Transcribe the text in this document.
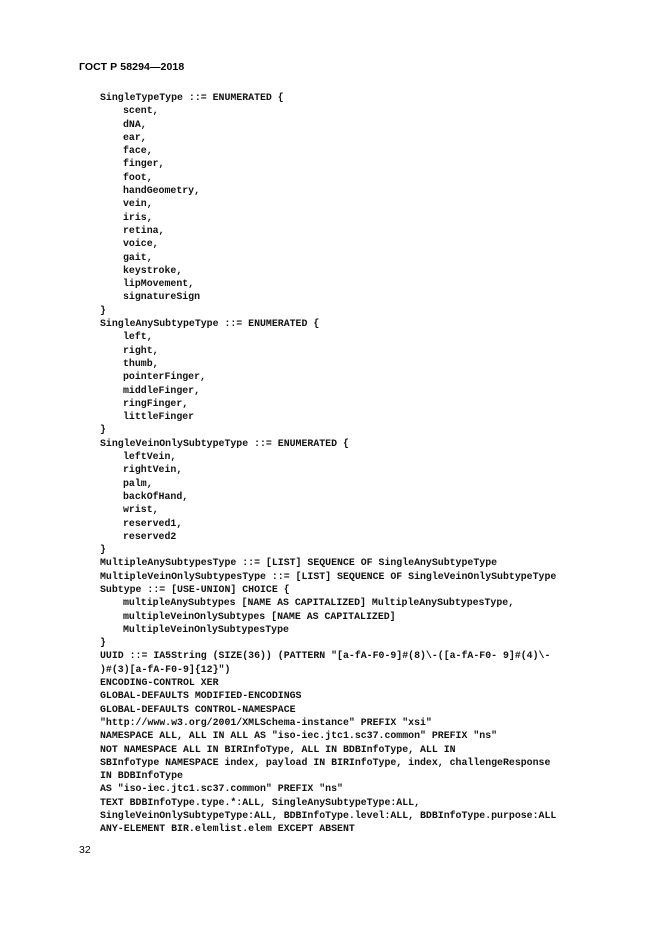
ГОСТ Р 58294—2018
SingleTypeType ::= ENUMERATED {
scent,
dNA,
ear,
face,
finger,
foot,
handGeometry,
vein,
iris,
retina,
voice,
gait,
keystroke,
lipMovement,
signatureSign
}
SingleAnySubtypeType ::= ENUMERATED {
left,
right,
thumb,
pointerFinger,
middleFinger,
ringFinger,
littleFinger
}
SingleVeinOnlySubtypeType ::= ENUMERATED {
leftVein,
rightVein,
palm,
backOfHand,
wrist,
reserved1,
reserved2
}
MultipleAnySubtypesType ::= [LIST] SEQUENCE OF SingleAnySubtypeType
MultipleVeinOnlySubtypesType ::= [LIST] SEQUENCE OF SingleVeinOnlySubtypeType
Subtype ::= [USE-UNION] CHOICE {
multipleAnySubtypes [NAME AS CAPITALIZED] MultipleAnySubtypesType,
multipleVeinOnlySubtypes [NAME AS CAPITALIZED]
MultipleVeinOnlySubtypesType
}
UUID ::= IA5String (SIZE(36)) (PATTERN "[a-fA-F0-9]#(8)\-([a-fA-F0- 9]#(4)\-
)#(3)[a-fA-F0-9]{12}")
ENCODING-CONTROL XER
GLOBAL-DEFAULTS MODIFIED-ENCODINGS
GLOBAL-DEFAULTS CONTROL-NAMESPACE
"http://www.w3.org/2001/XMLSchema-instance" PREFIX "xsi"
NAMESPACE ALL, ALL IN ALL AS "iso-iec.jtc1.sc37.common" PREFIX "ns"
NOT NAMESPACE ALL IN BIRInfoType, ALL IN BDBInfoType, ALL IN
SBInfoType NAMESPACE index, payload IN BIRInfoType, index, challengeResponse
IN BDBInfoType
AS "iso-iec.jtc1.sc37.common" PREFIX "ns"
TEXT BDBInfoType.type.*:ALL, SingleAnySubtypeType:ALL,
SingleVeinOnlySubtypeType:ALL, BDBInfoType.level:ALL, BDBInfoType.purpose:ALL
ANY-ELEMENT BIR.elemlist.elem EXCEPT ABSENT
32
